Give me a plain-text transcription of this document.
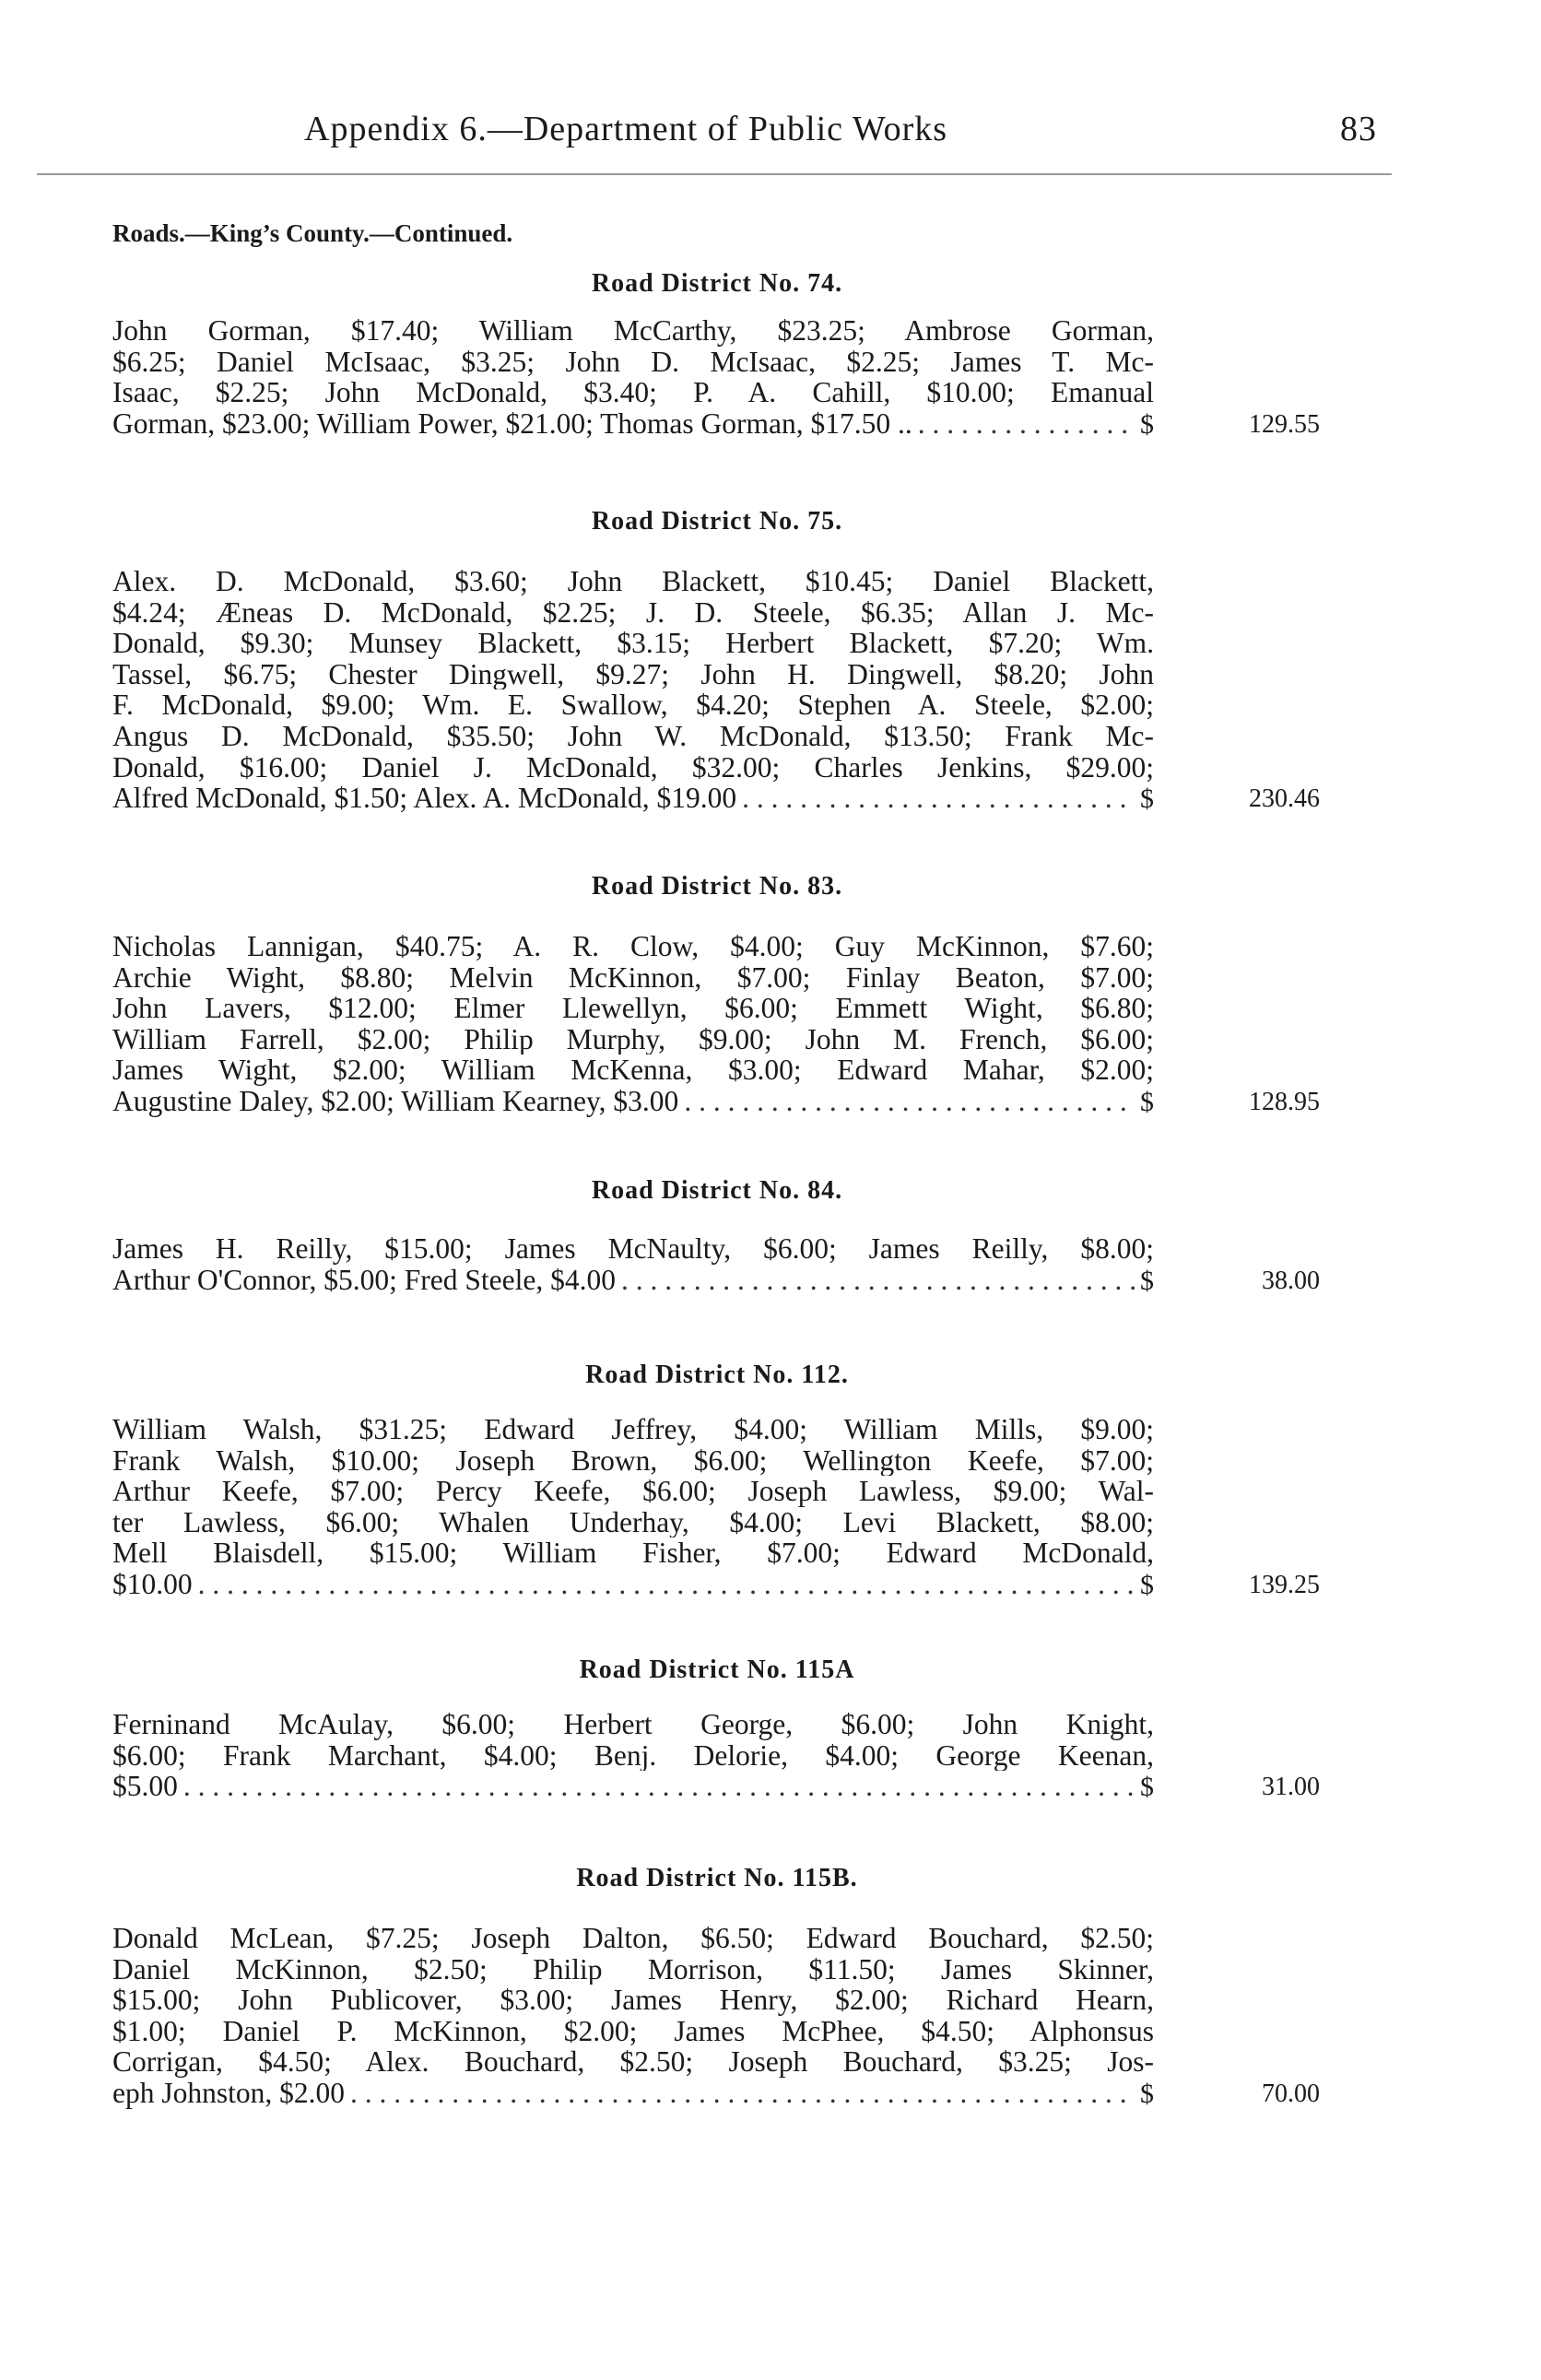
Appendix 6.—Department of Public Works	83
Roads.—King’s County.—Continued.
Road District No. 74.
John Gorman, $17.40; William McCarthy, $23.25; Ambrose Gorman,
$6.25; Daniel McIsaac, $3.25; John D. McIsaac, $2.25; James T. Mc-
Isaac, $2.25; John McDonald, $3.40; P. A. Cahill, $10.00; Emanual
Gorman, $23.00; William Power, $21.00; Thomas Gorman, $17.50 .. . . .	$	129.55
Road District No. 75.
Alex. D. McDonald, $3.60; John Blackett, $10.45; Daniel Blackett,
$4.24; Æneas D. McDonald, $2.25; J. D. Steele, $6.35; Allan J. Mc-
Donald, $9.30; Munsey Blackett, $3.15; Herbert Blackett, $7.20; Wm.
Tassel, $6.75; Chester Dingwell, $9.27; John H. Dingwell, $8.20; John
F. McDonald, $9.00; Wm. E. Swallow, $4.20; Stephen A. Steele, $2.00;
Angus D. McDonald, $35.50; John W. McDonald, $13.50; Frank Mc-
Donald, $16.00; Daniel J. McDonald, $32.00; Charles Jenkins, $29.00;
Alfred McDonald, $1.50; Alex. A. McDonald, $19.00 . . .	$	230.46
Road District No. 83.
Nicholas Lannigan, $40.75; A. R. Clow, $4.00; Guy McKinnon, $7.60;
Archie Wight, $8.80; Melvin McKinnon, $7.00; Finlay Beaton, $7.00;
John Lavers, $12.00; Elmer Llewellyn, $6.00; Emmett Wight, $6.80;
William Farrell, $2.00; Philip Murphy, $9.00; John M. French, $6.00;
James Wight, $2.00; William McKenna, $3.00; Edward Mahar, $2.00;
Augustine Daley, $2.00; William Kearney, $3.00 . . .	$	128.95
Road District No. 84.
James H. Reilly, $15.00; James McNaulty, $6.00; James Reilly, $8.00;
Arthur O'Connor, $5.00; Fred Steele, $4.00 . . .	$	38.00
Road District No. 112.
William Walsh, $31.25; Edward Jeffrey, $4.00; William Mills, $9.00;
Frank Walsh, $10.00; Joseph Brown, $6.00; Wellington Keefe, $7.00;
Arthur Keefe, $7.00; Percy Keefe, $6.00; Joseph Lawless, $9.00; Wal-
ter Lawless, $6.00; Whalen Underhay, $4.00; Levi Blackett, $8.00;
Mell Blaisdell, $15.00; William Fisher, $7.00; Edward McDonald,
$10.00 . . .	$	139.25
Road District No. 115A
Ferninand McAulay, $6.00; Herbert George, $6.00; John Knight,
$6.00; Frank Marchant, $4.00; Benj. Delorie, $4.00; George Keenan,
$5.00 . . .	$	31.00
Road District No. 115B.
Donald McLean, $7.25; Joseph Dalton, $6.50; Edward Bouchard, $2.50;
Daniel McKinnon, $2.50; Philip Morrison, $11.50; James Skinner,
$15.00; John Publicover, $3.00; James Henry, $2.00; Richard Hearn,
$1.00; Daniel P. McKinnon, $2.00; James McPhee, $4.50; Alphonsus
Corrigan, $4.50; Alex. Bouchard, $2.50; Joseph Bouchard, $3.25; Jos-
eph Johnston, $2.00 . . .	$	70.00
